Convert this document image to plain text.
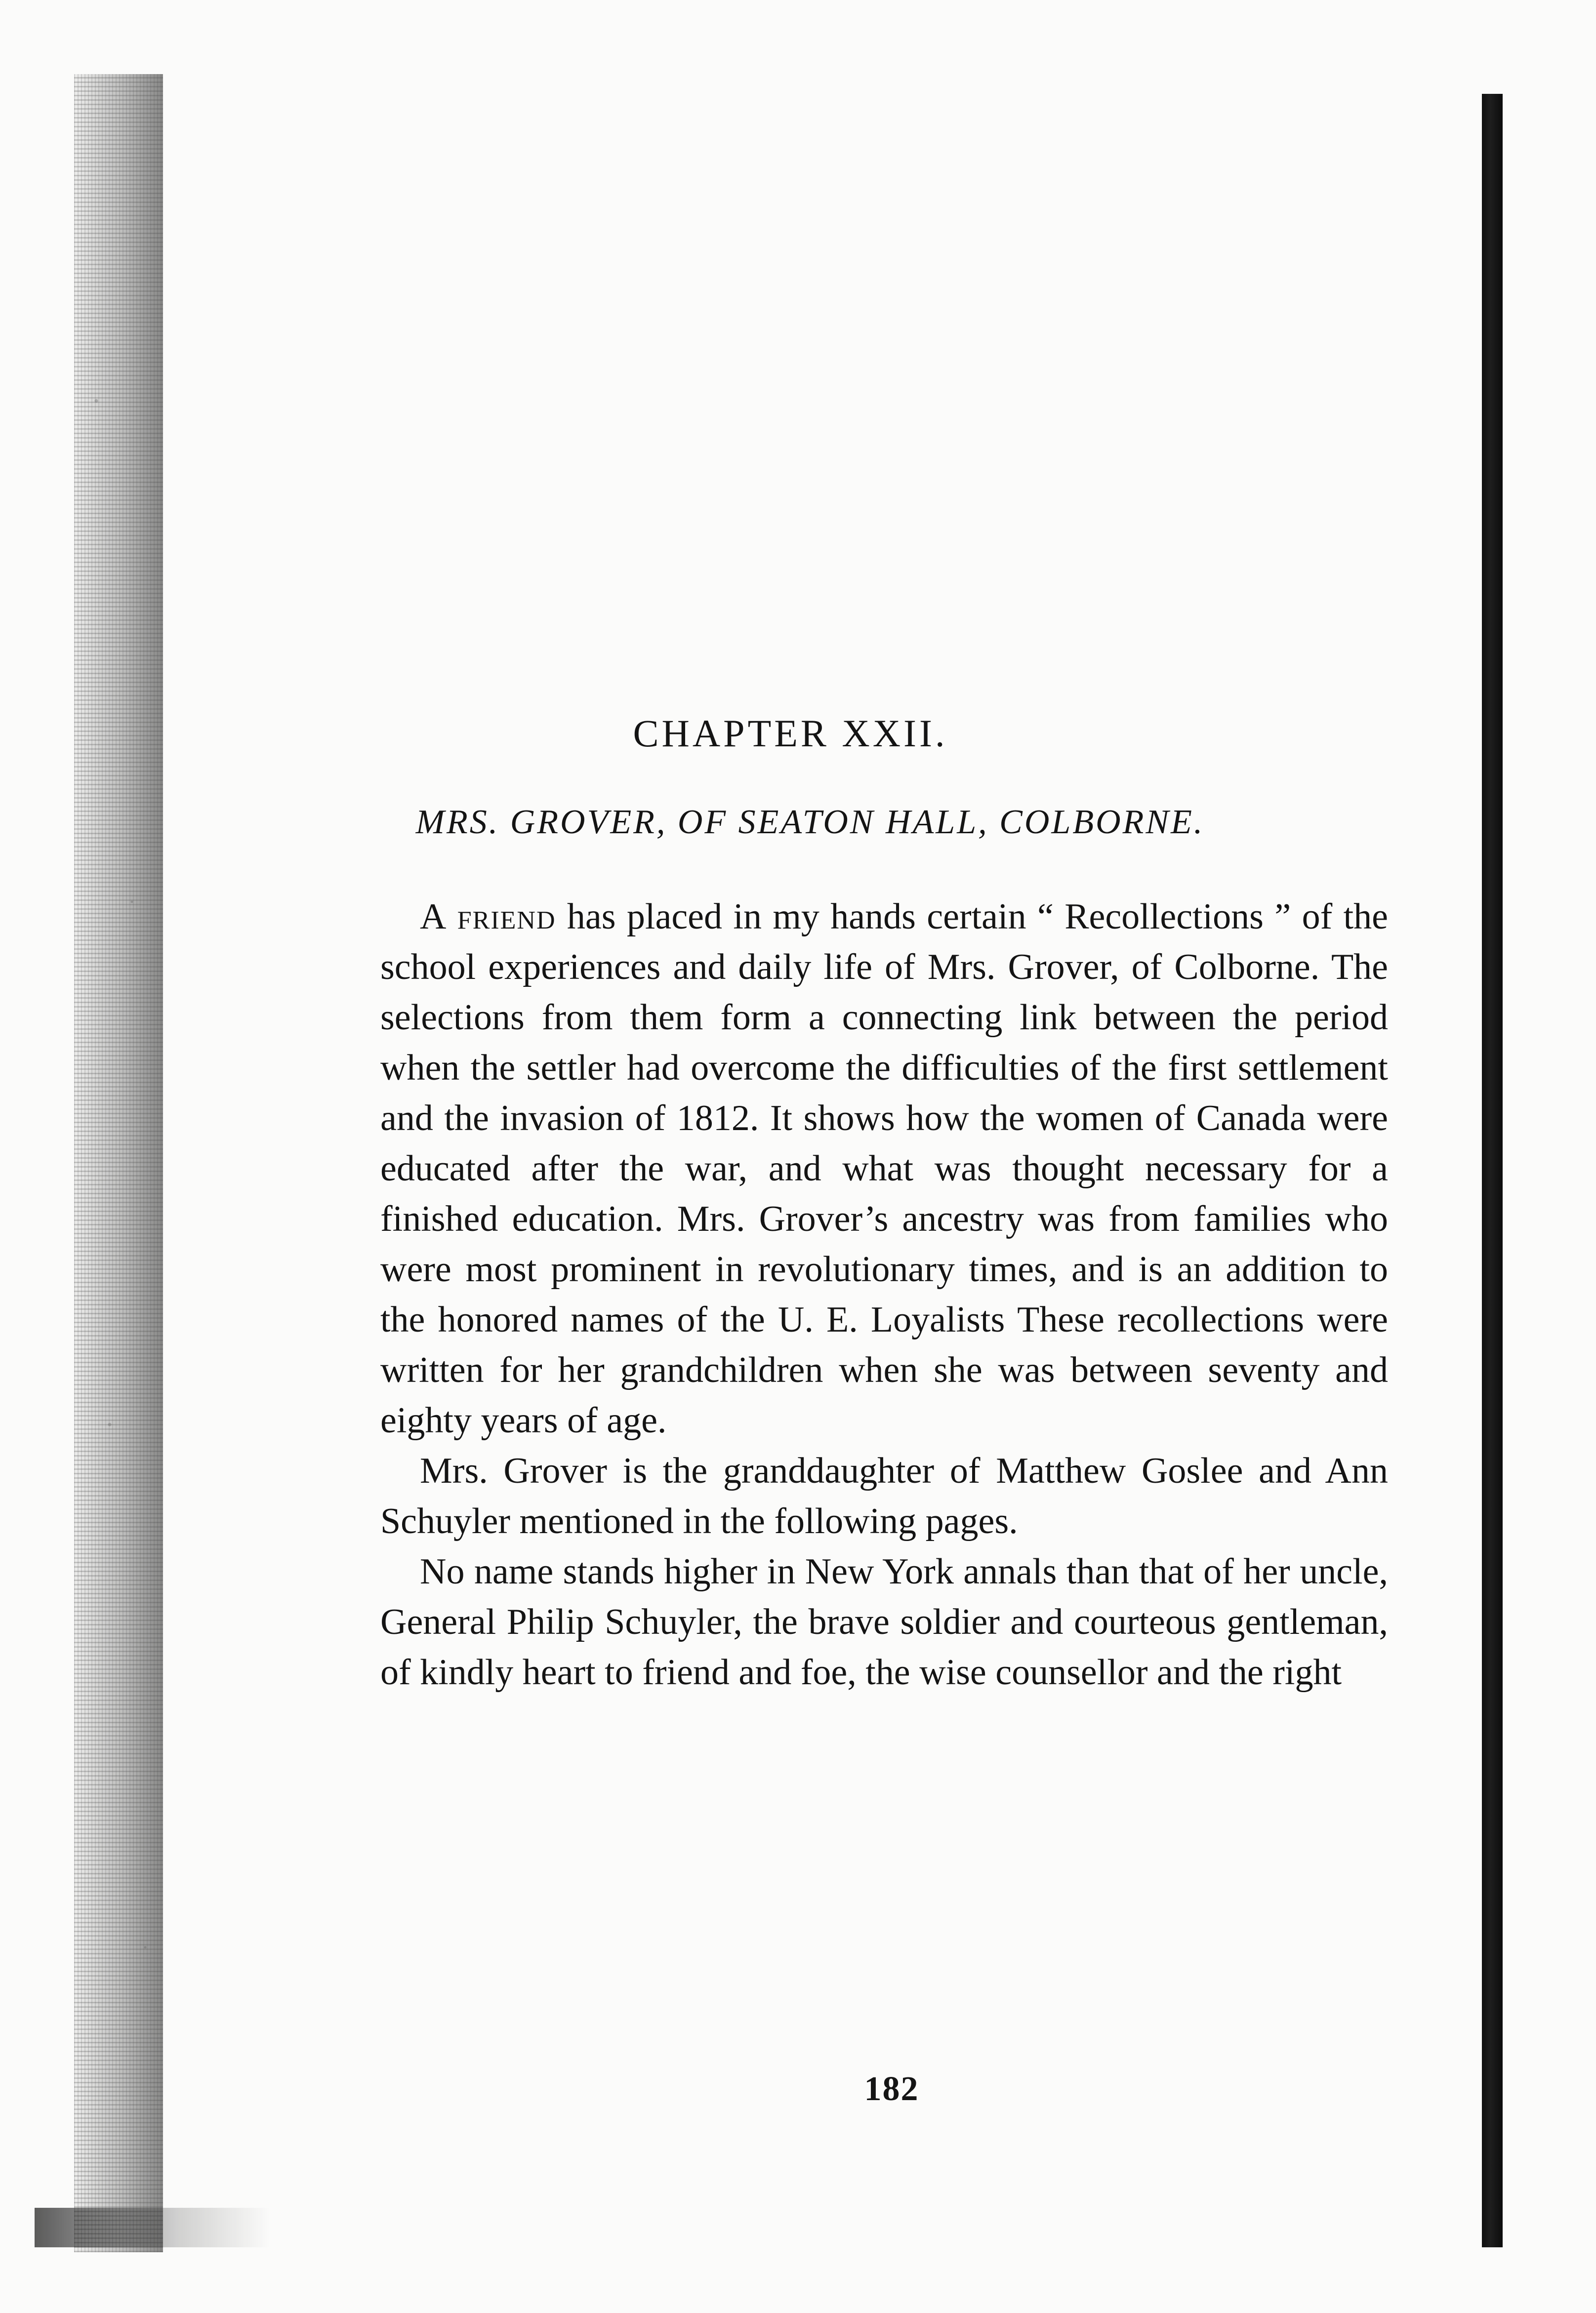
CHAPTER XXII.
MRS. GROVER, OF SEATON HALL, COLBORNE.

A friend has placed in my hands certain “ Recollections ” of the school experiences and daily life of Mrs. Grover, of Colborne. The selections from them form a connecting link between the period when the settler had overcome the difficulties of the first settlement and the invasion of 1812. It shows how the women of Canada were educated after the war, and what was thought necessary for a finished education. Mrs. Grover’s ancestry was from families who were most prominent in revolutionary times, and is an addition to the honored names of the U. E. Loyalists These recollections were written for her grandchildren when she was between seventy and eighty years of age.

Mrs. Grover is the granddaughter of Matthew Goslee and Ann Schuyler mentioned in the following pages.

No name stands higher in New York annals than that of her uncle, General Philip Schuyler, the brave soldier and courteous gentleman, of kindly heart to friend and foe, the wise counsellor and the right

182
